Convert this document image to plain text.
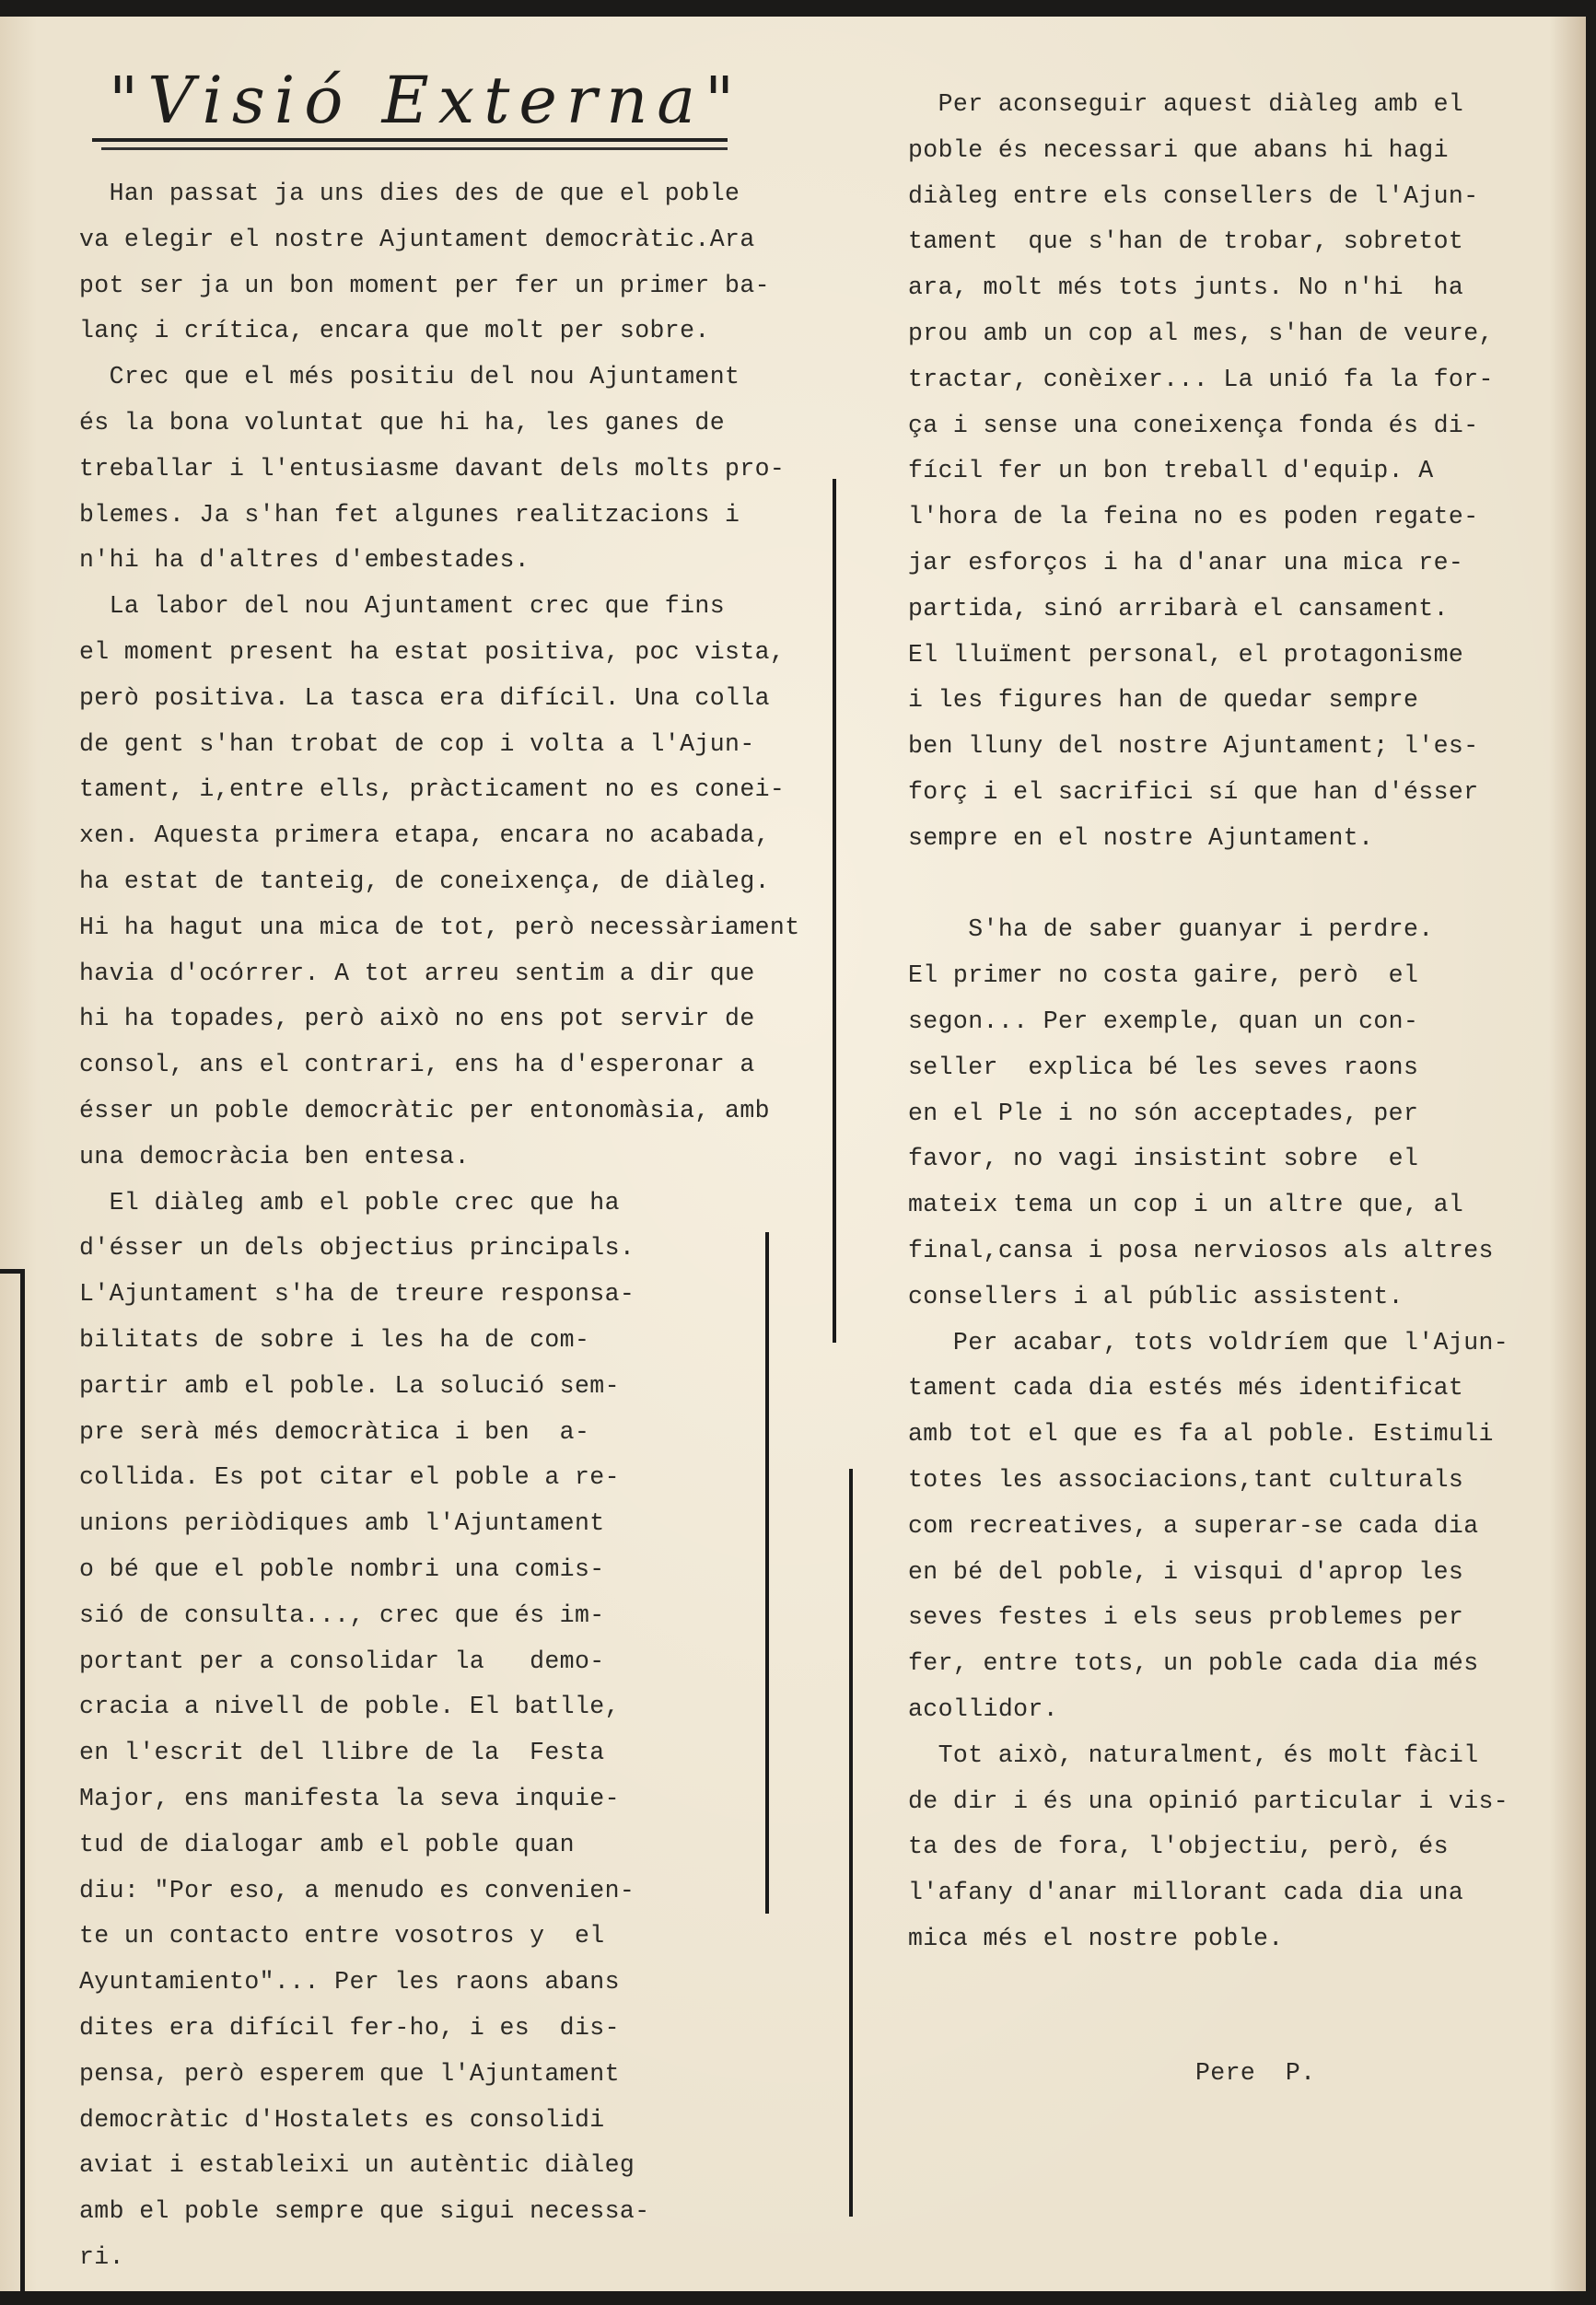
"Visió Externa"
Han passat ja uns dies des de que el poble
va elegir el nostre Ajuntament democràtic.Ara
pot ser ja un bon moment per fer un primer ba-
lanç i crítica, encara que molt per sobre.
Crec que el més positiu del nou Ajuntament
és la bona voluntat que hi ha, les ganes de
treballar i l'entusiasme davant dels molts pro-
blemes. Ja s'han fet algunes realitzacions i
n'hi ha d'altres d'embestades.
La labor del nou Ajuntament crec que fins
el moment present ha estat positiva, poc vista,
però positiva. La tasca era difícil. Una colla
de gent s'han trobat de cop i volta a l'Ajun-
tament, i,entre ells, pràcticament no es conei-
xen. Aquesta primera etapa, encara no acabada,
ha estat de tanteig, de coneixença, de diàleg.
Hi ha hagut una mica de tot, però necessàriament
havia d'ocórrer. A tot arreu sentim a dir que
hi ha topades, però això no ens pot servir de
consol, ans el contrari, ens ha d'esperonar a
ésser un poble democràtic per entonomàsia, amb
una democràcia ben entesa.
El diàleg amb el poble crec que ha
d'ésser un dels objectius principals.
L'Ajuntament s'ha de treure responsa-
bilitats de sobre i les ha de com-
partir amb el poble. La solució sem-
pre serà més democràtica i ben  a-
collida. Es pot citar el poble a re-
unions periòdiques amb l'Ajuntament
o bé que el poble nombri una comis-
sió de consulta..., crec que és im-
portant per a consolidar la   demo-
cracia a nivell de poble. El batlle,
en l'escrit del llibre de la  Festa
Major, ens manifesta la seva inquie-
tud de dialogar amb el poble quan
diu: "Por eso, a menudo es convenien-
te un contacto entre vosotros y  el
Ayuntamiento"... Per les raons abans
dites era difícil fer-ho, i es  dis-
pensa, però esperem que l'Ajuntament
democràtic d'Hostalets es consolidi
aviat i estableixi un autèntic diàleg
amb el poble sempre que sigui necessa-
ri.
Per aconseguir aquest diàleg amb el
poble és necessari que abans hi hagi
diàleg entre els consellers de l'Ajun-
tament  que s'han de trobar, sobretot
ara, molt més tots junts. No n'hi  ha
prou amb un cop al mes, s'han de veure,
tractar, conèixer... La unió fa la for-
ça i sense una coneixença fonda és di-
fícil fer un bon treball d'equip. A
l'hora de la feina no es poden regate-
jar esforços i ha d'anar una mica re-
partida, sinó arribarà el cansament.
El lluïment personal, el protagonisme
i les figures han de quedar sempre
ben lluny del nostre Ajuntament; l'es-
forç i el sacrifici sí que han d'ésser
sempre en el nostre Ajuntament.
S'ha de saber guanyar i perdre.
El primer no costa gaire, però  el
segon... Per exemple, quan un con-
seller  explica bé les seves raons
en el Ple i no són acceptades, per
favor, no vagi insistint sobre  el
mateix tema un cop i un altre que, al
final,cansa i posa nerviosos als altres
consellers i al públic assistent.
Per acabar, tots voldríem que l'Ajun-
tament cada dia estés més identificat
amb tot el que es fa al poble. Estimuli
totes les associacions,tant culturals
com recreatives, a superar-se cada dia
en bé del poble, i visqui d'aprop les
seves festes i els seus problemes per
fer, entre tots, un poble cada dia més
acollidor.
Tot això, naturalment, és molt fàcil
de dir i és una opinió particular i vis-
ta des de fora, l'objectiu, però, és
l'afany d'anar millorant cada dia una
mica més el nostre poble.
Pere  P.
